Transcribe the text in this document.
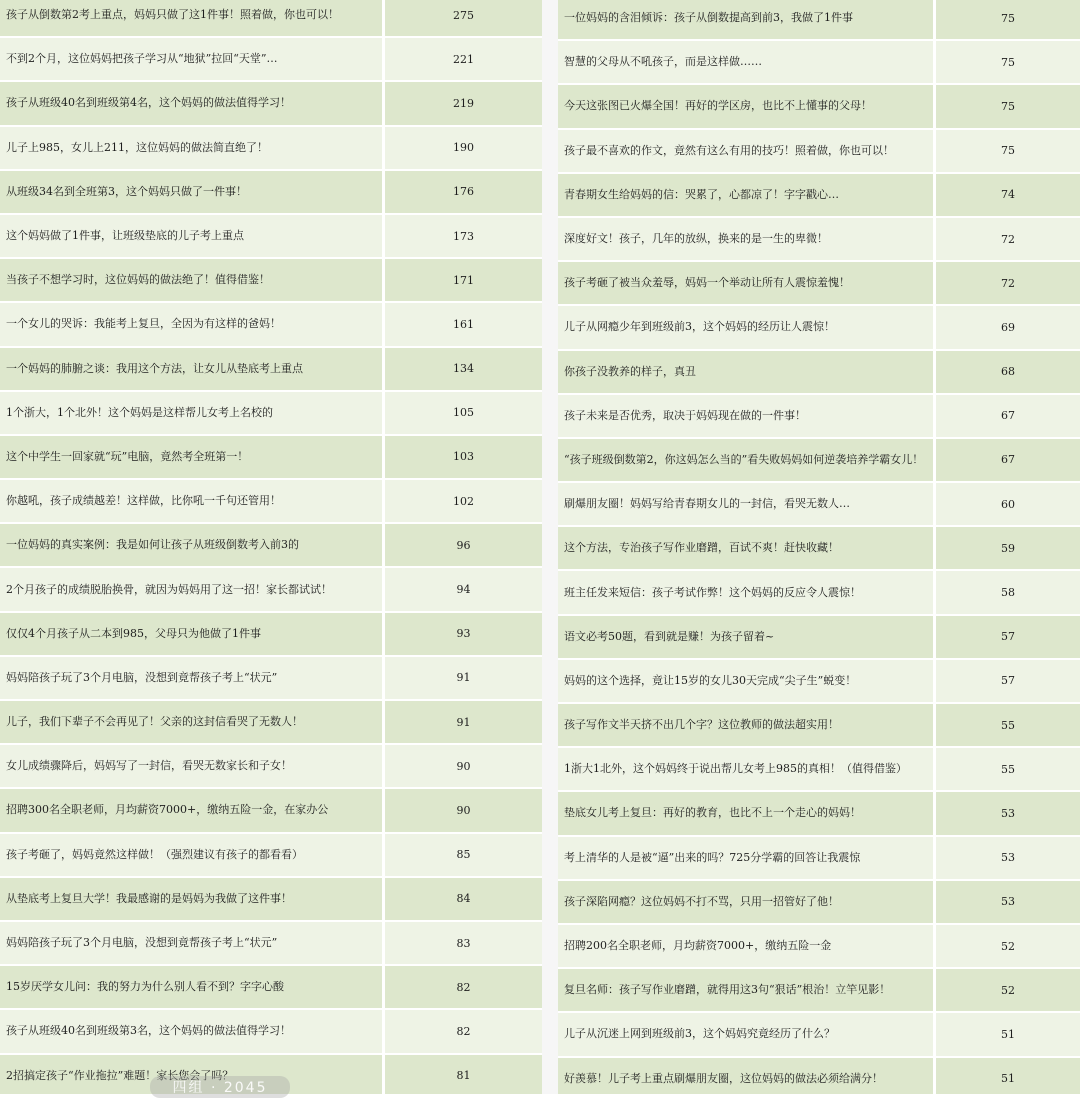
孩子从倒数第2考上重点，妈妈只做了这1件事！照着做，你也可以！	275
不到2个月，这位妈妈把孩子学习从“地狱”拉回“天堂”…	221
孩子从班级40名到班级第4名，这个妈妈的做法值得学习！	219
儿子上985，女儿上211，这位妈妈的做法简直绝了！	190
从班级34名到全班第3，这个妈妈只做了一件事！	176
这个妈妈做了1件事，让班级垫底的儿子考上重点	173
当孩子不想学习时，这位妈妈的做法绝了！值得借鉴！	171
一个女儿的哭诉：我能考上复旦，全因为有这样的爸妈！	161
一个妈妈的肺腑之谈：我用这个方法，让女儿从垫底考上重点	134
1个浙大，1个北外！这个妈妈是这样帮儿女考上名校的	105
这个中学生一回家就“玩”电脑，竟然考全班第一！	103
你越吼，孩子成绩越差！这样做，比你吼一千句还管用！	102
一位妈妈的真实案例：我是如何让孩子从班级倒数考入前3的	96
2个月孩子的成绩脱胎换骨，就因为妈妈用了这一招！家长都试试！	94
仅仅4个月孩子从二本到985，父母只为他做了1件事	93
妈妈陪孩子玩了3个月电脑，没想到竟帮孩子考上“状元”	91
儿子，我们下辈子不会再见了！父亲的这封信看哭了无数人！	91
女儿成绩骤降后，妈妈写了一封信，看哭无数家长和子女！	90
招聘300名全职老师，月均薪资7000+，缴纳五险一金，在家办公	90
孩子考砸了，妈妈竟然这样做！（强烈建议有孩子的都看看）	85
从垫底考上复旦大学！我最感谢的是妈妈为我做了这件事！	84
妈妈陪孩子玩了3个月电脑，没想到竟帮孩子考上“状元”	83
15岁厌学女儿问：我的努力为什么别人看不到？字字心酸	82
孩子从班级40名到班级第3名，这个妈妈的做法值得学习！	82
2招搞定孩子“作业拖拉”难题！家长您会了吗？	81
一位妈妈的含泪倾诉：孩子从倒数提高到前3，我做了1件事	75
智慧的父母从不吼孩子，而是这样做……	75
今天这张图已火爆全国！再好的学区房，也比不上懂事的父母！	75
孩子最不喜欢的作文，竟然有这么有用的技巧！照着做，你也可以！	75
青春期女生给妈妈的信：哭累了，心都凉了！字字戳心…	74
深度好文！孩子，几年的放纵，换来的是一生的卑微！	72
孩子考砸了被当众羞辱，妈妈一个举动让所有人震惊羞愧！	72
儿子从网瘾少年到班级前3，这个妈妈的经历让人震惊！	69
你孩子没教养的样子，真丑	68
孩子未来是否优秀，取决于妈妈现在做的一件事！	67
“孩子班级倒数第2，你这妈怎么当的”看失败妈妈如何逆袭培养学霸女儿！	67
刷爆朋友圈！妈妈写给青春期女儿的一封信，看哭无数人…	60
这个方法，专治孩子写作业磨蹭，百试不爽！赶快收藏！	59
班主任发来短信：孩子考试作弊！这个妈妈的反应令人震惊！	58
语文必考50题，看到就是赚！为孩子留着~	57
妈妈的这个选择，竟让15岁的女儿30天完成“尖子生”蜕变！	57
孩子写作文半天挤不出几个字？这位教师的做法超实用！	55
1浙大1北外，这个妈妈终于说出帮儿女考上985的真相！（值得借鉴）	55
垫底女儿考上复旦：再好的教育，也比不上一个走心的妈妈！	53
考上清华的人是被“逼”出来的吗？725分学霸的回答让我震惊	53
孩子深陷网瘾？这位妈妈不打不骂，只用一招管好了他！	53
招聘200名全职老师，月均薪资7000+，缴纳五险一金	52
复旦名师：孩子写作业磨蹭，就得用这3句“狠话”根治！立竿见影！	52
儿子从沉迷上网到班级前3，这个妈妈究竟经历了什么？	51
好羡慕！儿子考上重点刷爆朋友圈，这位妈妈的做法必须给满分！	51
四组 · 2045
